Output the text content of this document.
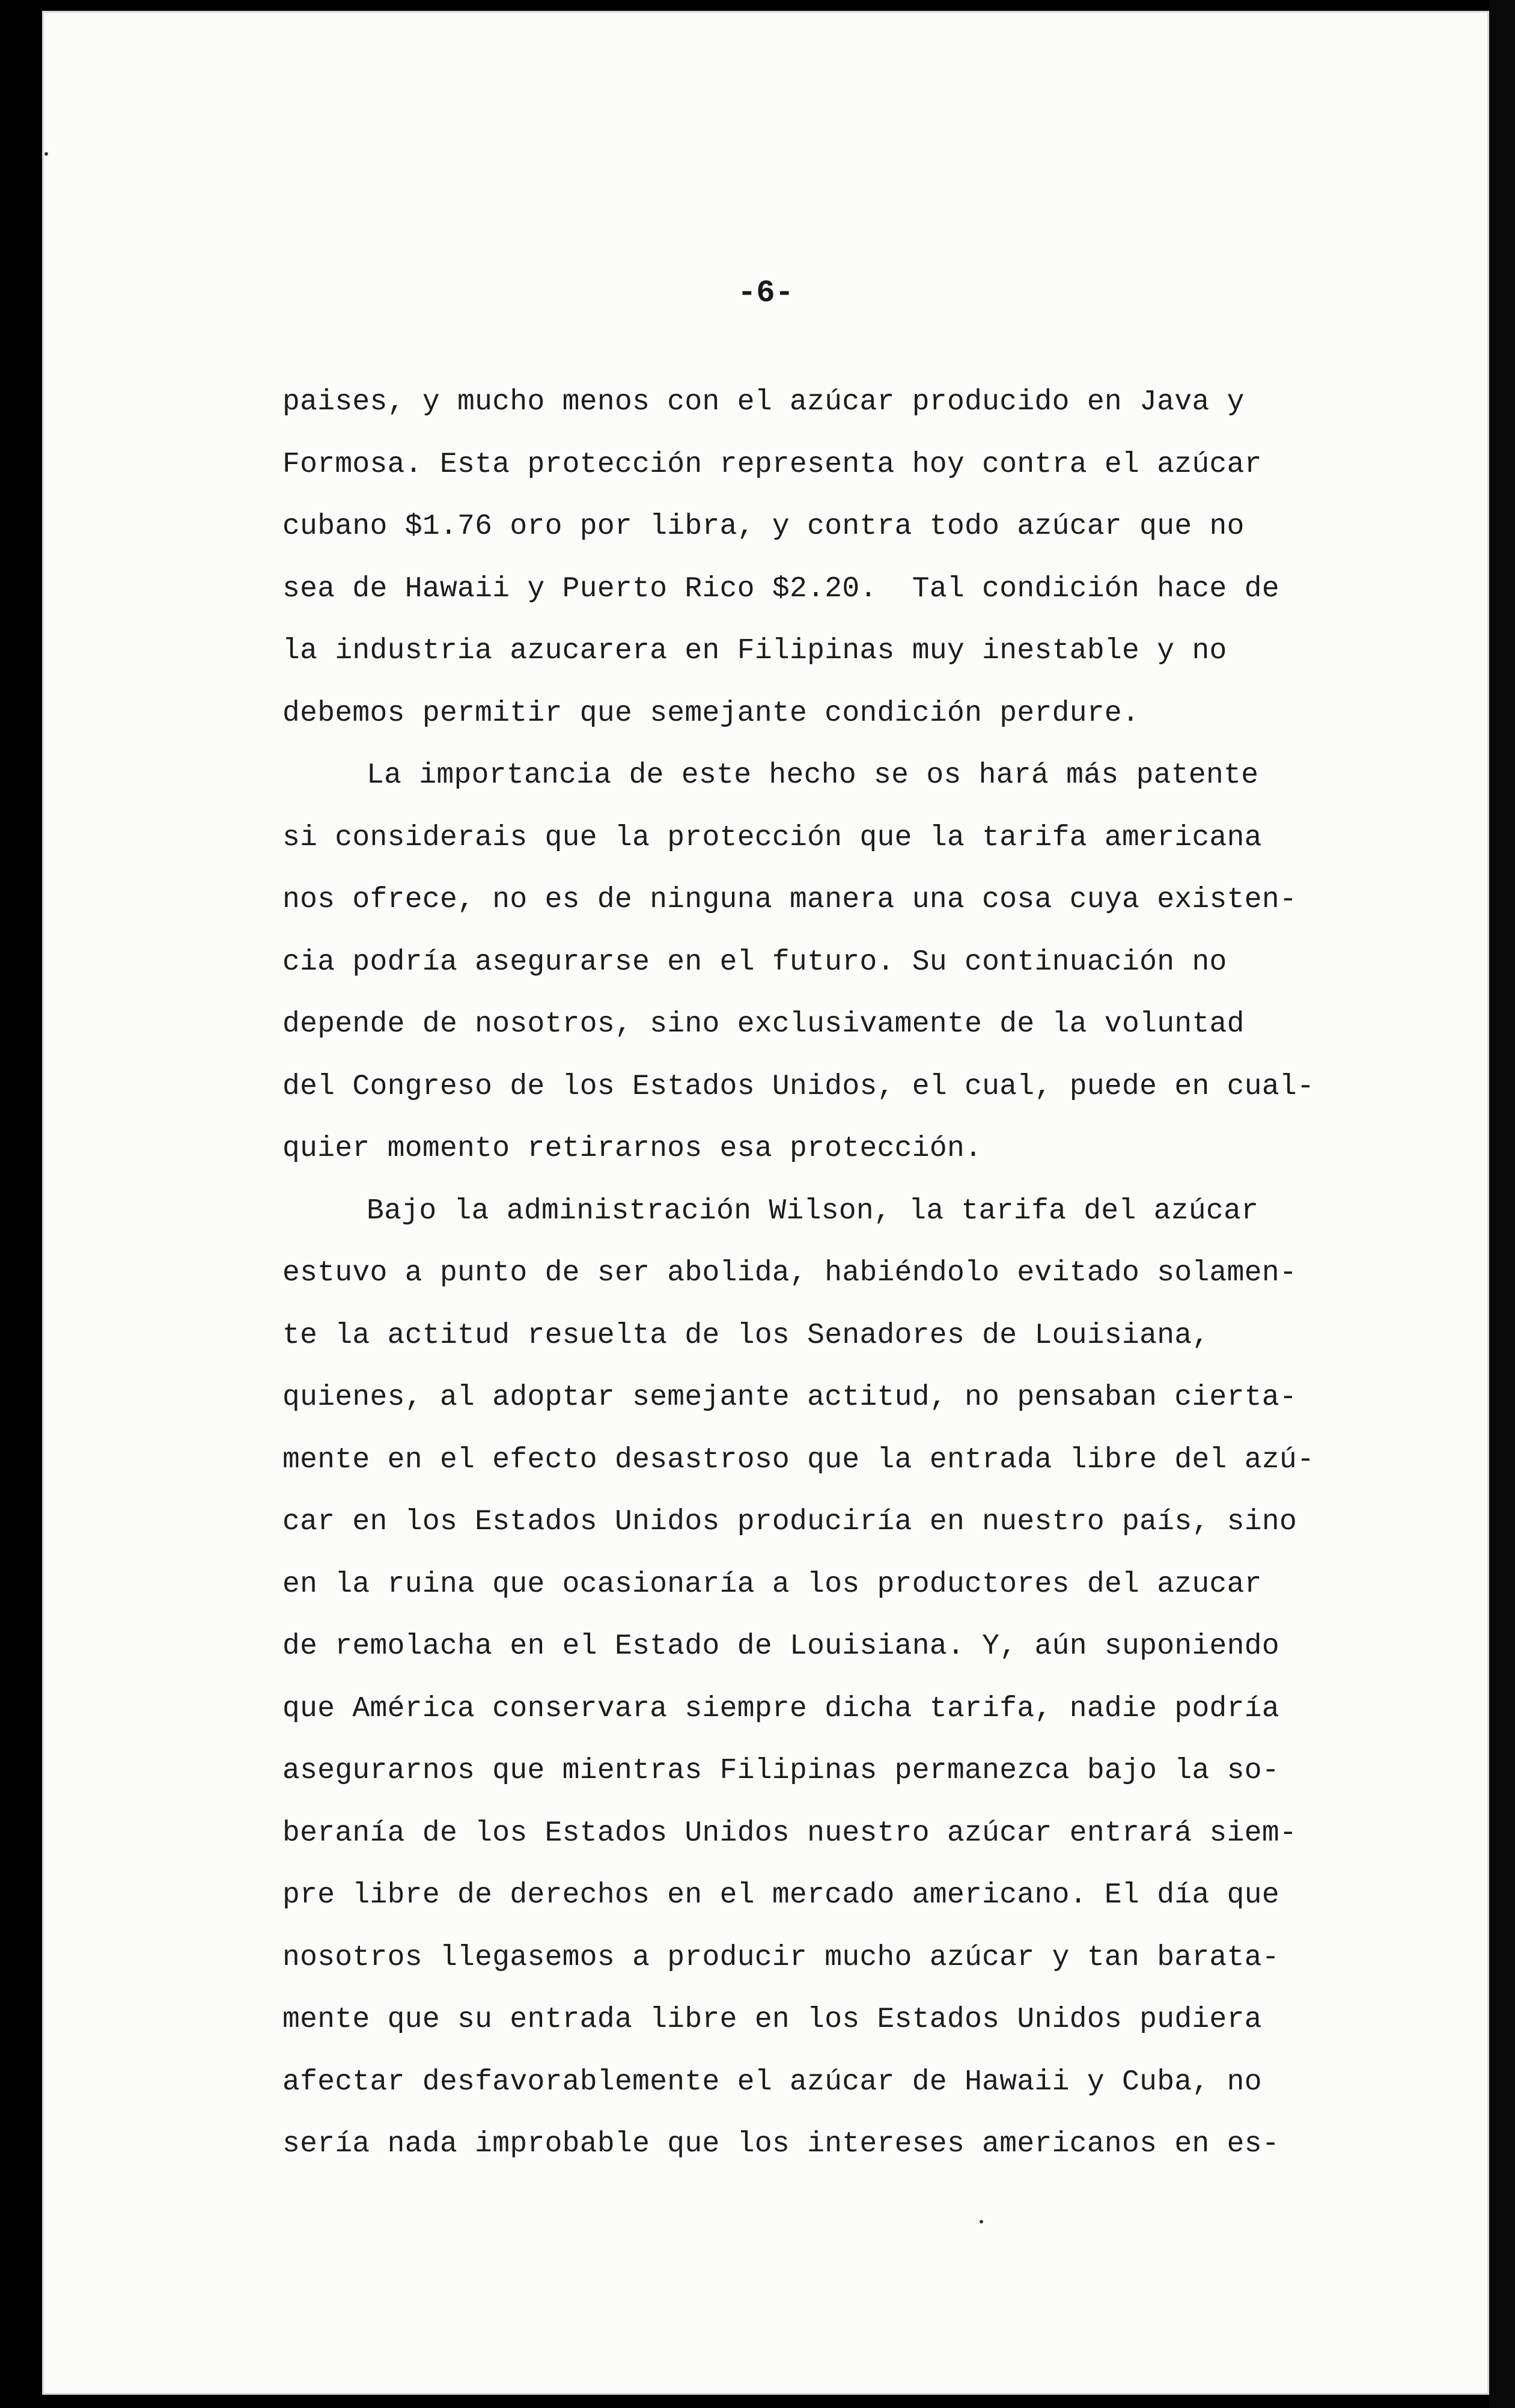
-6-
paises, y mucho menos con el azúcar producido en Java y
Formosa. Esta protección representa hoy contra el azúcar
cubano $1.76 oro por libra, y contra todo azúcar que no
sea de Hawaii y Puerto Rico $2.20.  Tal condición hace de
la industria azucarera en Filipinas muy inestable y no
debemos permitir que semejante condición perdure.
La importancia de este hecho se os hará más patente
si considerais que la protección que la tarifa americana
nos ofrece, no es de ninguna manera una cosa cuya existen-
cia podría asegurarse en el futuro. Su continuación no
depende de nosotros, sino exclusivamente de la voluntad
del Congreso de los Estados Unidos, el cual, puede en cual-
quier momento retirarnos esa protección.
Bajo la administración Wilson, la tarifa del azúcar
estuvo a punto de ser abolida, habiéndolo evitado solamen-
te la actitud resuelta de los Senadores de Louisiana,
quienes, al adoptar semejante actitud, no pensaban cierta-
mente en el efecto desastroso que la entrada libre del azú-
car en los Estados Unidos produciría en nuestro país, sino
en la ruina que ocasionaría a los productores del azucar
de remolacha en el Estado de Louisiana. Y, aún suponiendo
que América conservara siempre dicha tarifa, nadie podría
asegurarnos que mientras Filipinas permanezca bajo la so-
beranía de los Estados Unidos nuestro azúcar entrará siem-
pre libre de derechos en el mercado americano. El día que
nosotros llegasemos a producir mucho azúcar y tan barata-
mente que su entrada libre en los Estados Unidos pudiera
afectar desfavorablemente el azúcar de Hawaii y Cuba, no
sería nada improbable que los intereses americanos en es-
